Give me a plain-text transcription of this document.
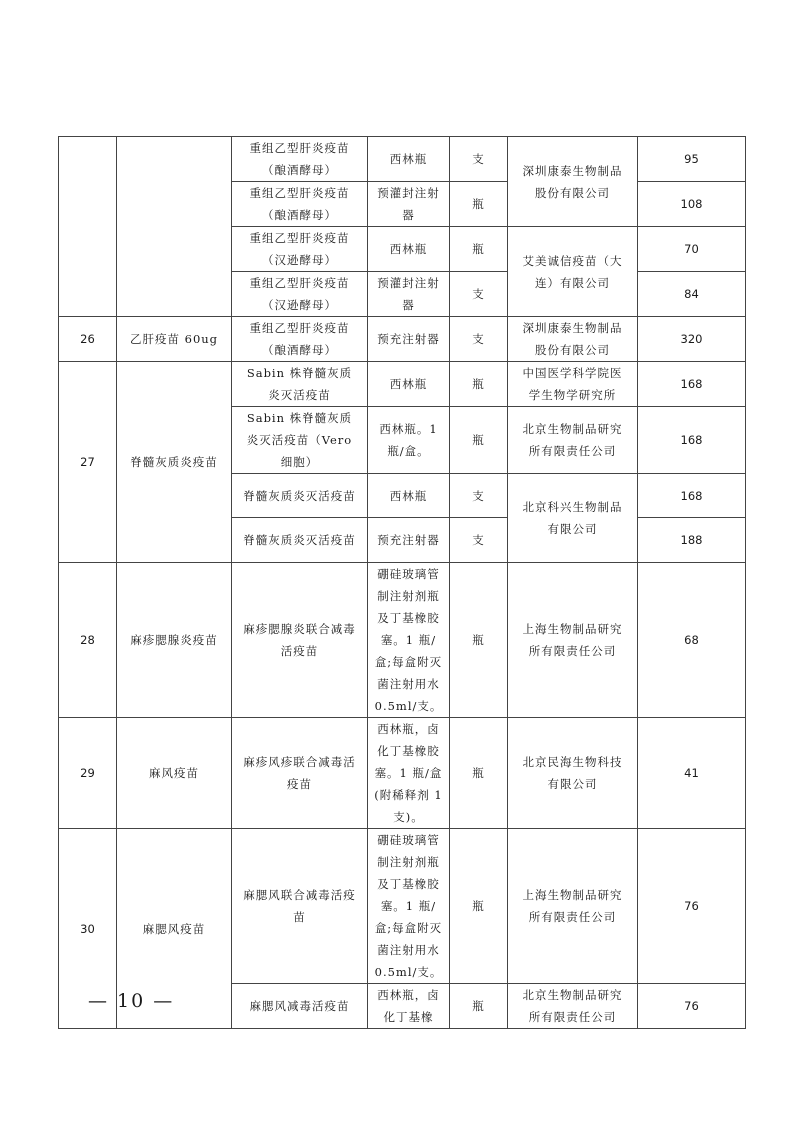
		重组乙型肝炎疫苗（酿酒酵母）	西林瓶	支	深圳康泰生物制品股份有限公司	95
		重组乙型肝炎疫苗（酿酒酵母）	预灌封注射器	瓶		108
		重组乙型肝炎疫苗（汉逊酵母）	西林瓶	瓶	艾美诚信疫苗（大连）有限公司	70
		重组乙型肝炎疫苗（汉逊酵母）	预灌封注射器	支		84
26	乙肝疫苗 60ug	重组乙型肝炎疫苗（酿酒酵母）	预充注射器	支	深圳康泰生物制品股份有限公司	320
27	脊髓灰质炎疫苗	Sabin 株脊髓灰质炎灭活疫苗	西林瓶	瓶	中国医学科学院医学生物学研究所	168
		Sabin 株脊髓灰质炎灭活疫苗（Vero 细胞）	西林瓶。1 瓶/盒。	瓶	北京生物制品研究所有限责任公司	168
		脊髓灰质炎灭活疫苗	西林瓶	支	北京科兴生物制品有限公司	168
		脊髓灰质炎灭活疫苗	预充注射器	支		188
28	麻疹腮腺炎疫苗	麻疹腮腺炎联合减毒活疫苗	硼硅玻璃管制注射剂瓶及丁基橡胶塞。1 瓶/盒;每盒附灭菌注射用水 0.5ml/支。	瓶	上海生物制品研究所有限责任公司	68
29	麻风疫苗	麻疹风疹联合减毒活疫苗	西林瓶，卤化丁基橡胶塞。1 瓶/盒(附稀释剂 1 支)。	瓶	北京民海生物科技有限公司	41
30	麻腮风疫苗	麻腮风联合减毒活疫苗	硼硅玻璃管制注射剂瓶及丁基橡胶塞。1 瓶/盒;每盒附灭菌注射用水 0.5ml/支。	瓶	上海生物制品研究所有限责任公司	76
		麻腮风减毒活疫苗	西林瓶，卤化丁基橡	瓶	北京生物制品研究所有限责任公司	76
— 10 —
